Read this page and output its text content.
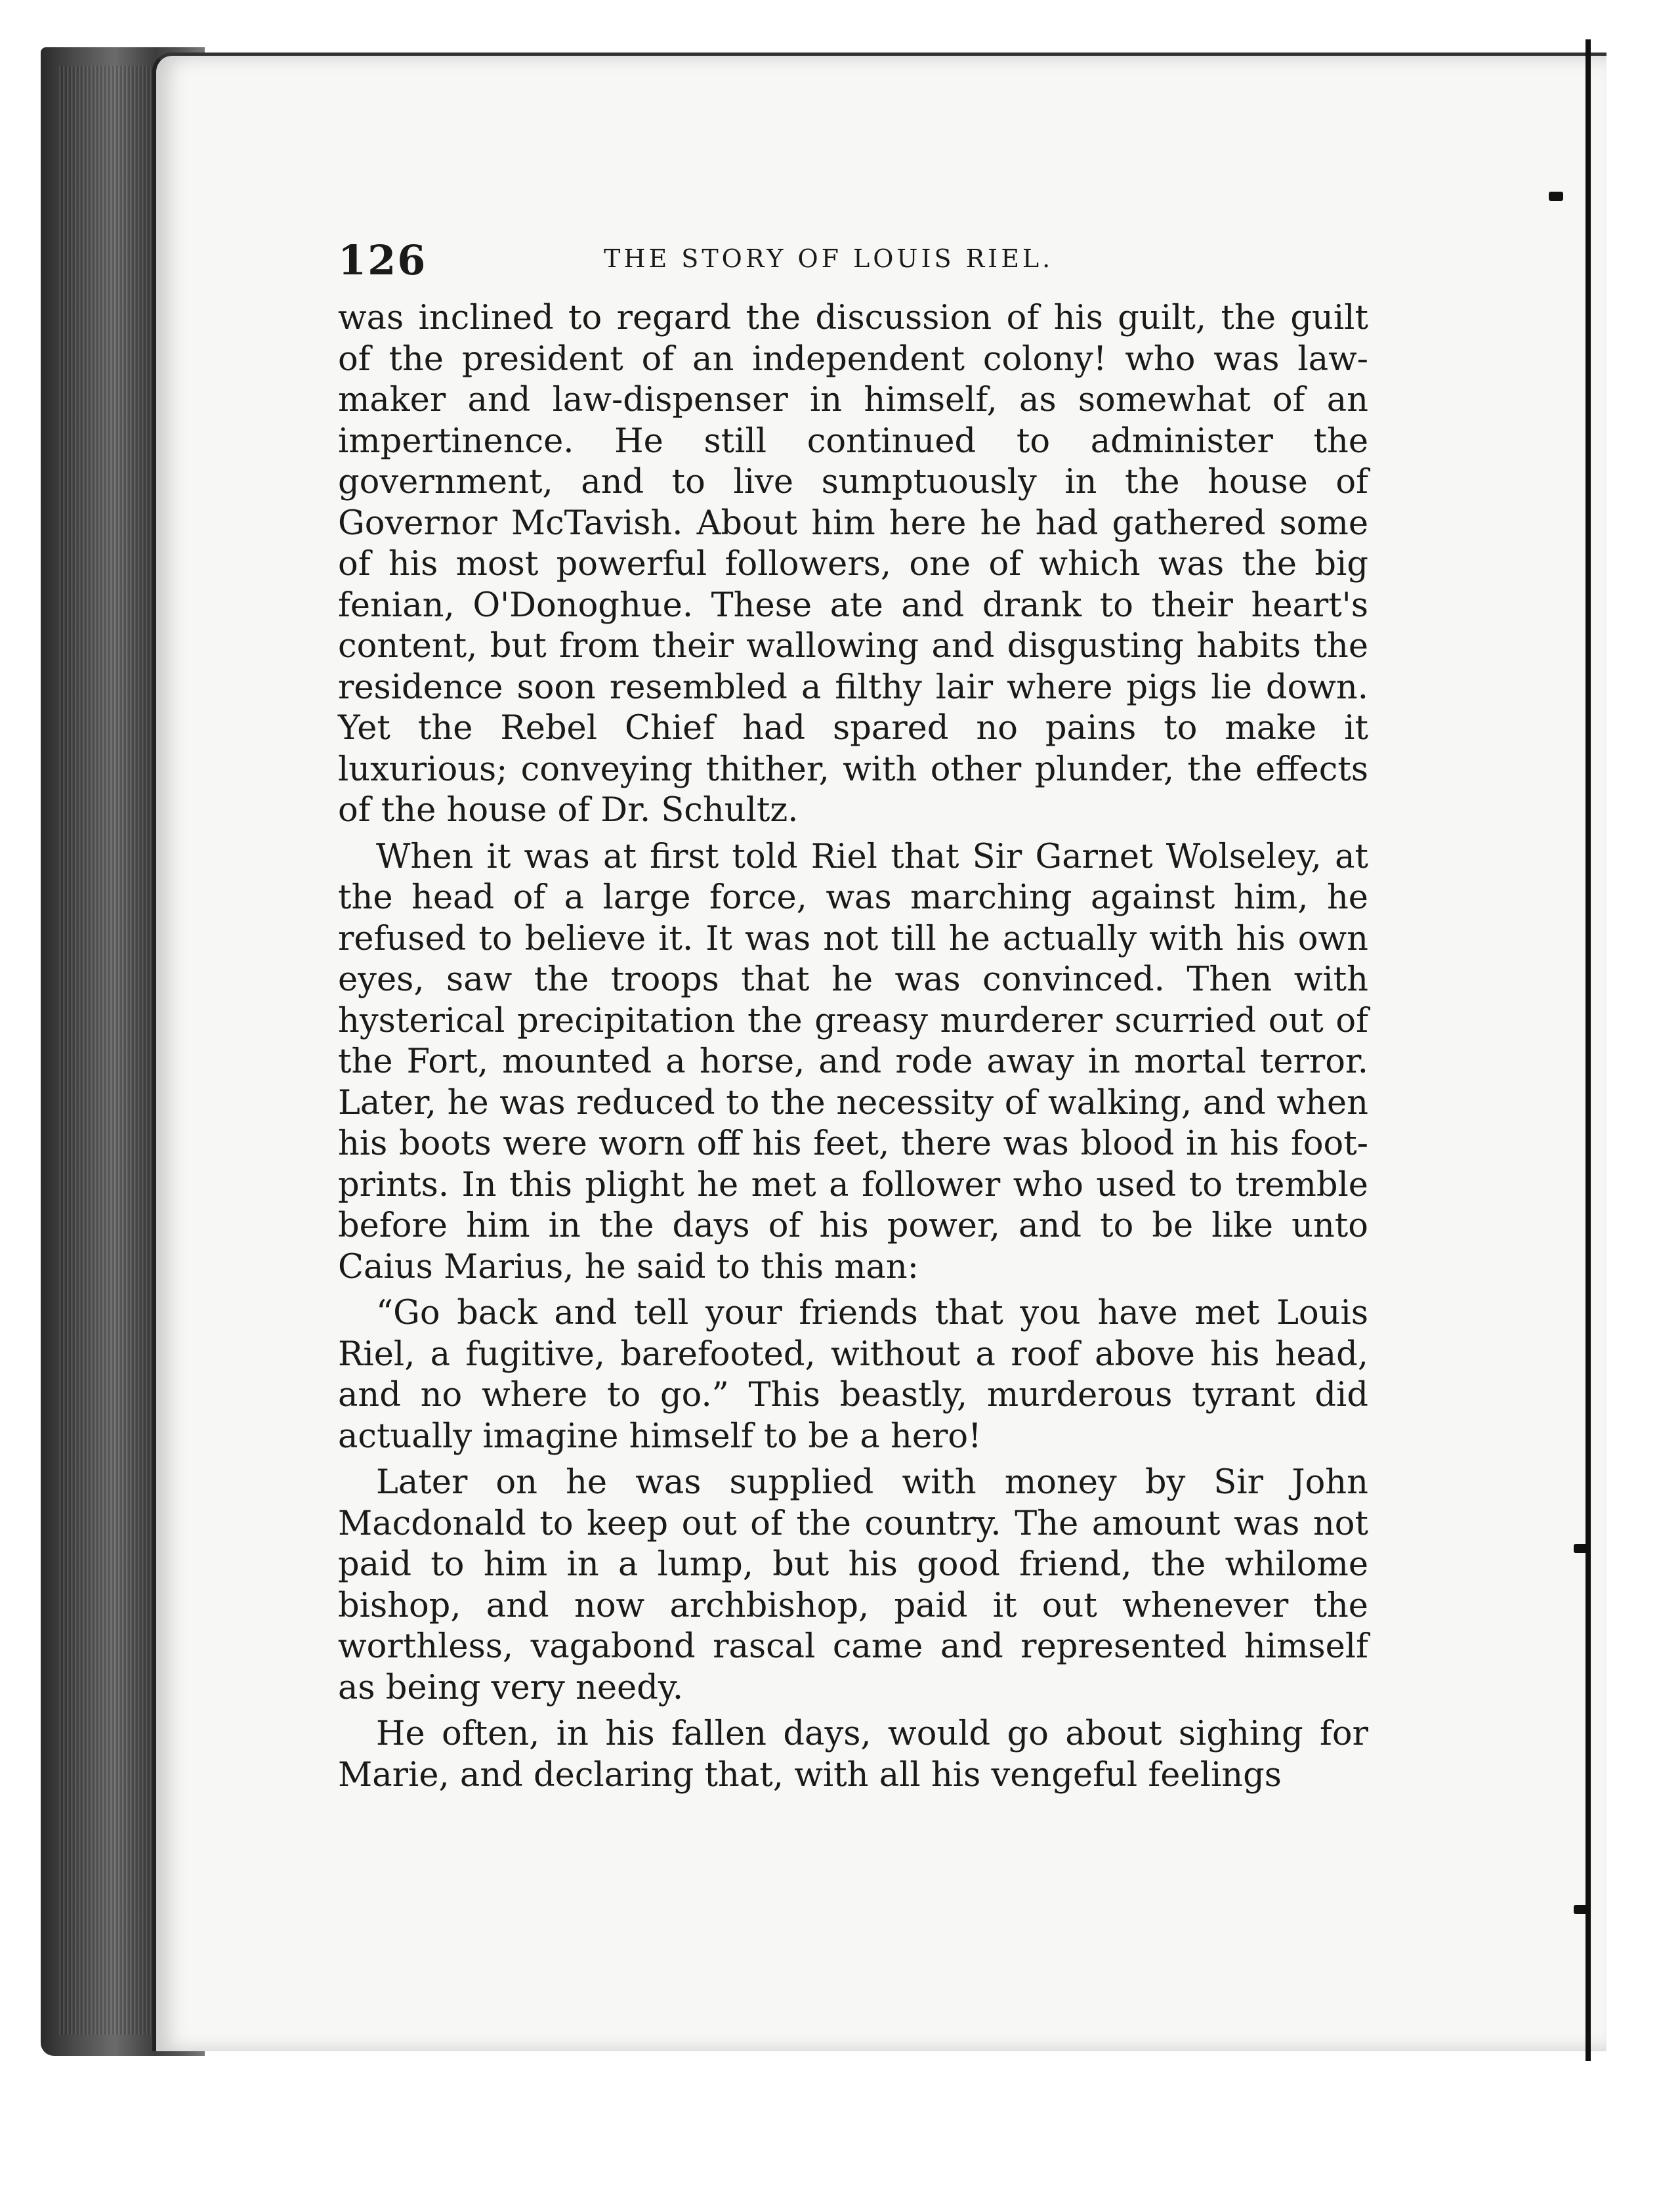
126	THE STORY OF LOUIS RIEL.

was inclined to regard the discussion of his guilt, the guilt of the president of an independent colony! who was law-maker and law-dispenser in himself, as somewhat of an impertinence. He still continued to administer the government, and to live sumptuously in the house of Governor McTavish. About him here he had gathered some of his most powerful followers, one of which was the big fenian, O'Donoghue. These ate and drank to their heart's content, but from their wallowing and disgusting habits the residence soon resembled a filthy lair where pigs lie down. Yet the Rebel Chief had spared no pains to make it luxurious; conveying thither, with other plunder, the effects of the house of Dr. Schultz.

When it was at first told Riel that Sir Garnet Wolseley, at the head of a large force, was marching against him, he refused to believe it. It was not till he actually with his own eyes, saw the troops that he was convinced. Then with hysterical precipitation the greasy murderer scurried out of the Fort, mounted a horse, and rode away in mortal terror. Later, he was reduced to the necessity of walking, and when his boots were worn off his feet, there was blood in his foot-prints. In this plight he met a follower who used to tremble before him in the days of his power, and to be like unto Caius Marius, he said to this man:

“Go back and tell your friends that you have met Louis Riel, a fugitive, barefooted, without a roof above his head, and no where to go.” This beastly, murderous tyrant did actually imagine himself to be a hero!

Later on he was supplied with money by Sir John Macdonald to keep out of the country. The amount was not paid to him in a lump, but his good friend, the whilome bishop, and now archbishop, paid it out whenever the worthless, vagabond rascal came and represented himself as being very needy.

He often, in his fallen days, would go about sighing for Marie, and declaring that, with all his vengeful feelings
